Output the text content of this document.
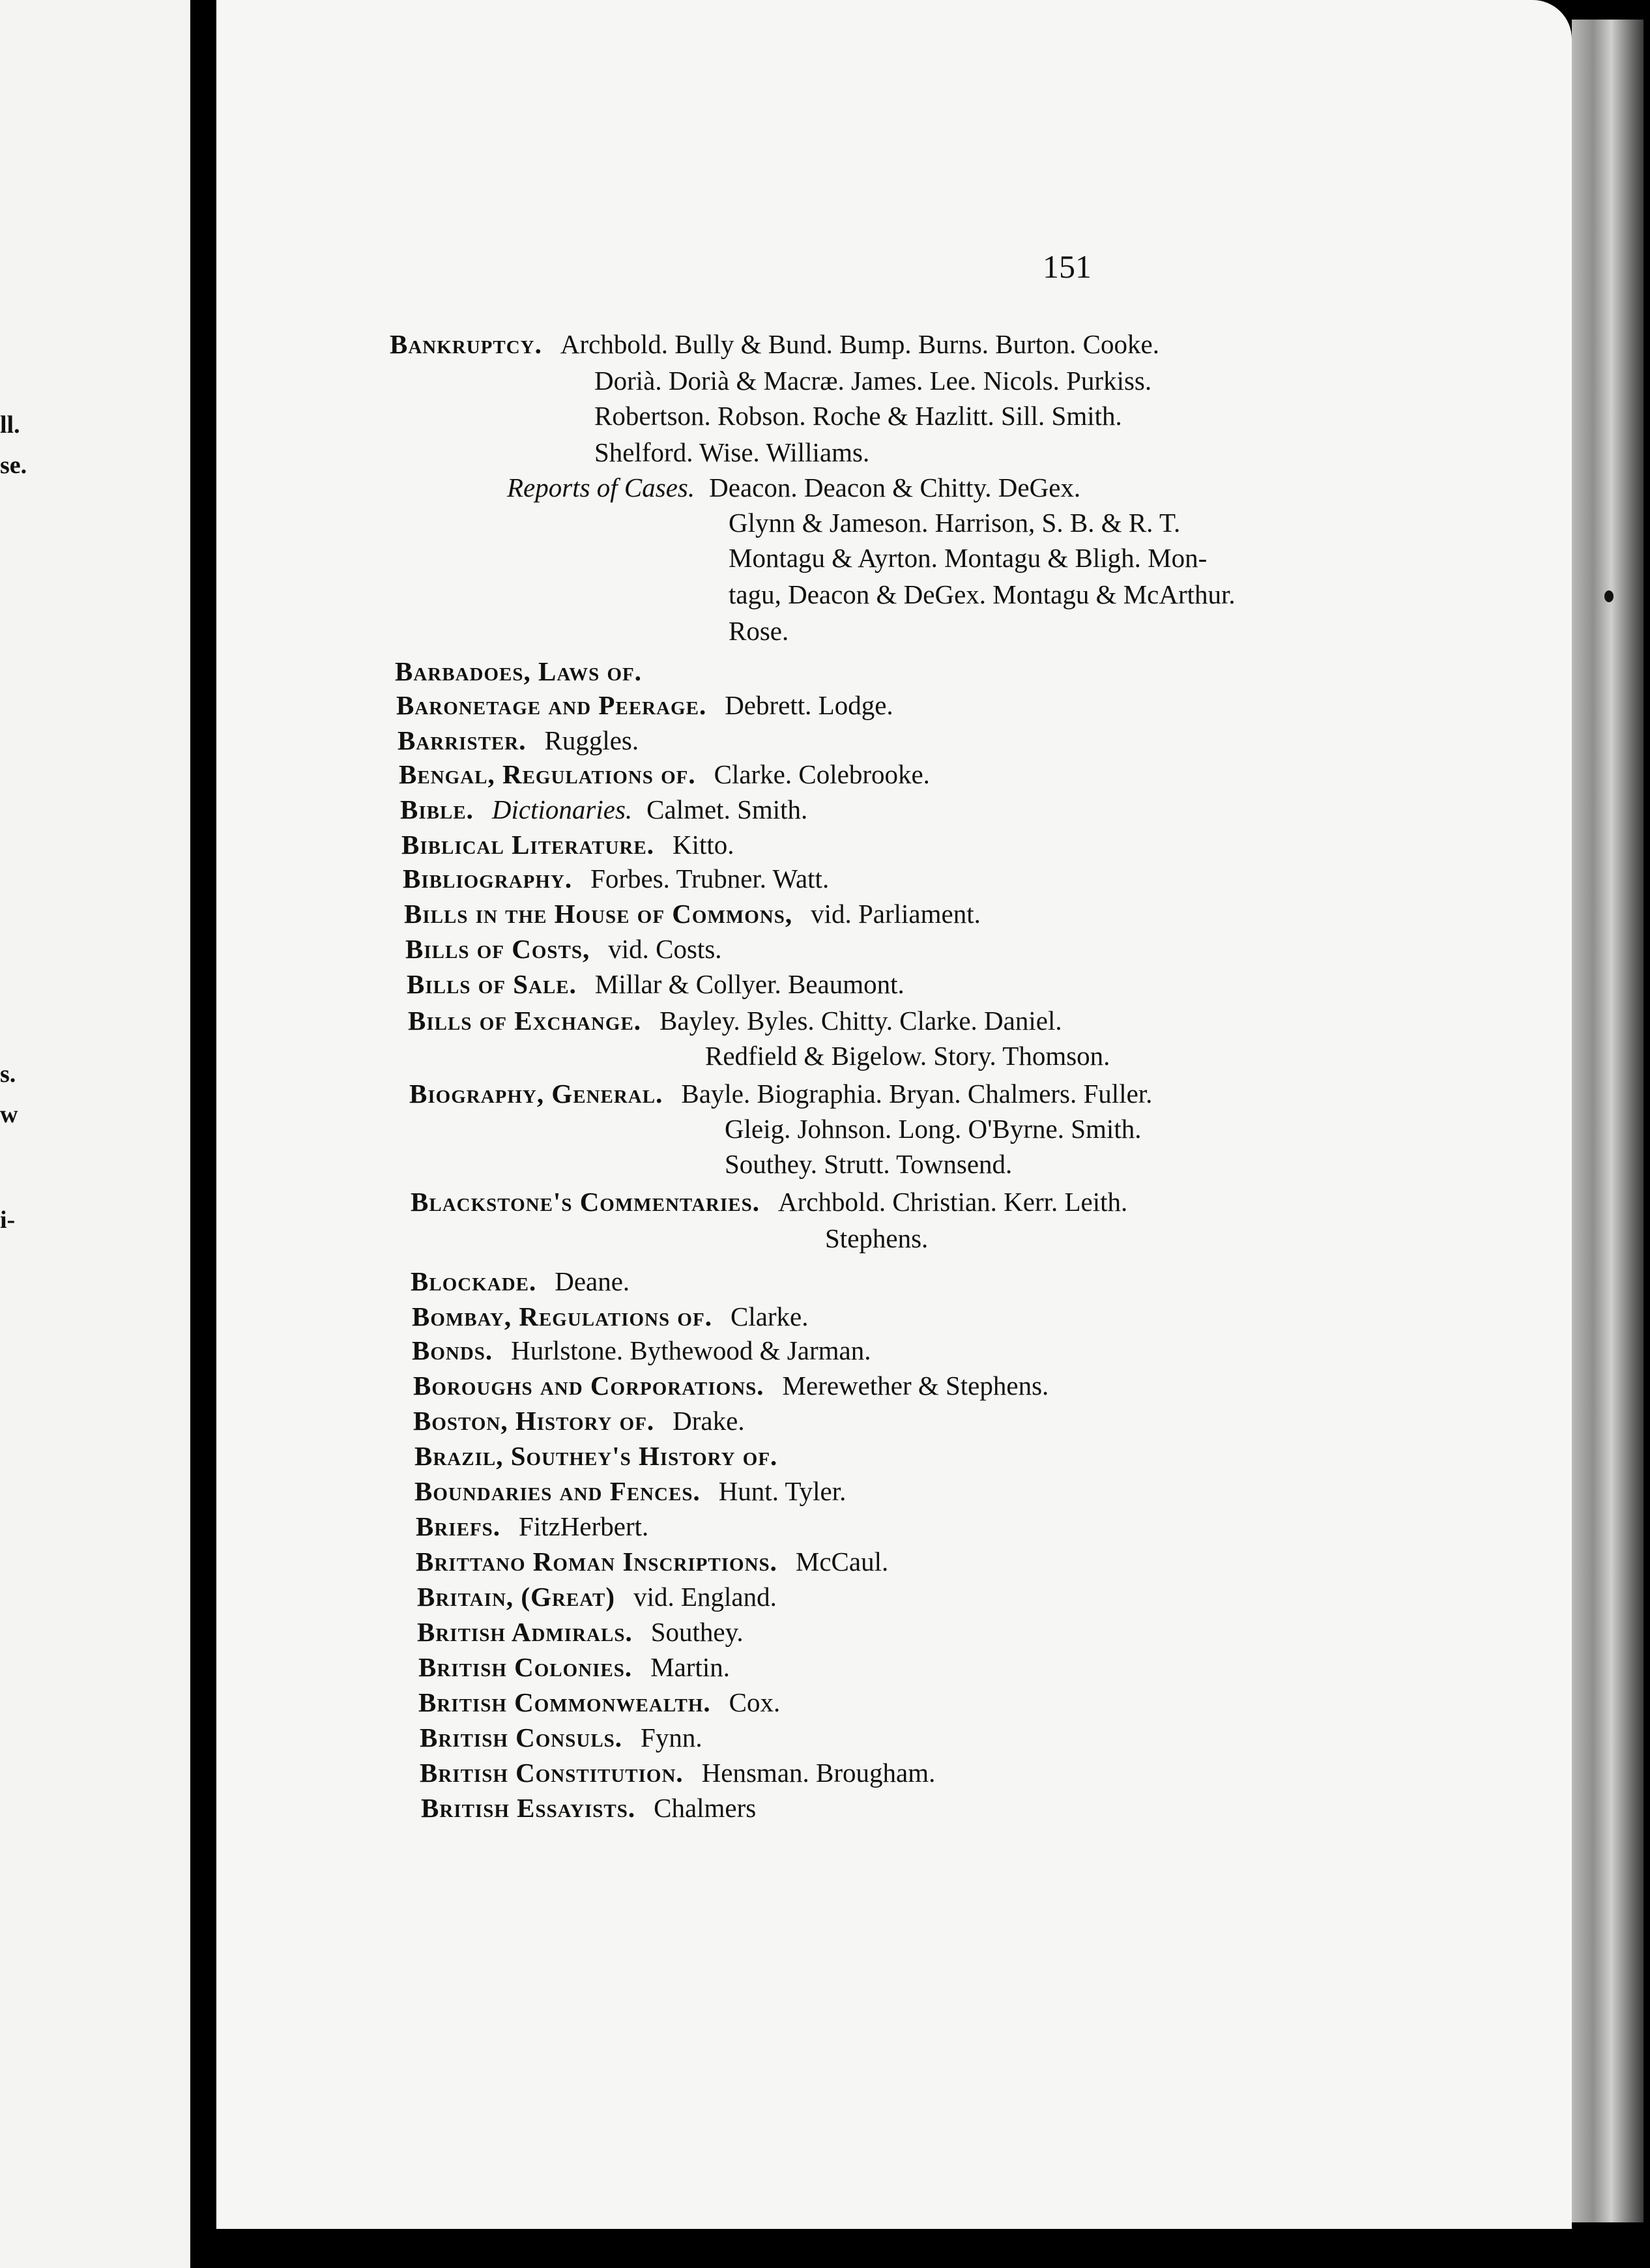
ll.
se.
s.
w
i-
151
Bankruptcy. Archbold. Bully & Bund. Bump. Burns. Burton. Cooke.
Dorià. Dorià & Macræ. James. Lee. Nicols. Purkiss.
Robertson. Robson. Roche & Hazlitt. Sill. Smith.
Shelford. Wise. Williams.
Reports of Cases. Deacon. Deacon & Chitty. DeGex.
Glynn & Jameson. Harrison, S. B. & R. T.
Montagu & Ayrton. Montagu & Bligh. Mon-
tagu, Deacon & DeGex. Montagu & McArthur.
Rose.
Barbadoes, Laws of.
Baronetage and Peerage. Debrett. Lodge.
Barrister. Ruggles.
Bengal, Regulations of. Clarke. Colebrooke.
Bible. Dictionaries. Calmet. Smith.
Biblical Literature. Kitto.
Bibliography. Forbes. Trubner. Watt.
Bills in the House of Commons, vid. Parliament.
Bills of Costs, vid. Costs.
Bills of Sale. Millar & Collyer. Beaumont.
Bills of Exchange. Bayley. Byles. Chitty. Clarke. Daniel.
Redfield & Bigelow. Story. Thomson.
Biography, General. Bayle. Biographia. Bryan. Chalmers. Fuller.
Gleig. Johnson. Long. O'Byrne. Smith.
Southey. Strutt. Townsend.
Blackstone's Commentaries. Archbold. Christian. Kerr. Leith.
Stephens.
Blockade. Deane.
Bombay, Regulations of. Clarke.
Bonds. Hurlstone. Bythewood & Jarman.
Boroughs and Corporations. Merewether & Stephens.
Boston, History of. Drake.
Brazil, Southey's History of.
Boundaries and Fences. Hunt. Tyler.
Briefs. FitzHerbert.
Brittano Roman Inscriptions. McCaul.
Britain, (Great) vid. England.
British Admirals. Southey.
British Colonies. Martin.
British Commonwealth. Cox.
British Consuls. Fynn.
British Constitution. Hensman. Brougham.
British Essayists. Chalmers
